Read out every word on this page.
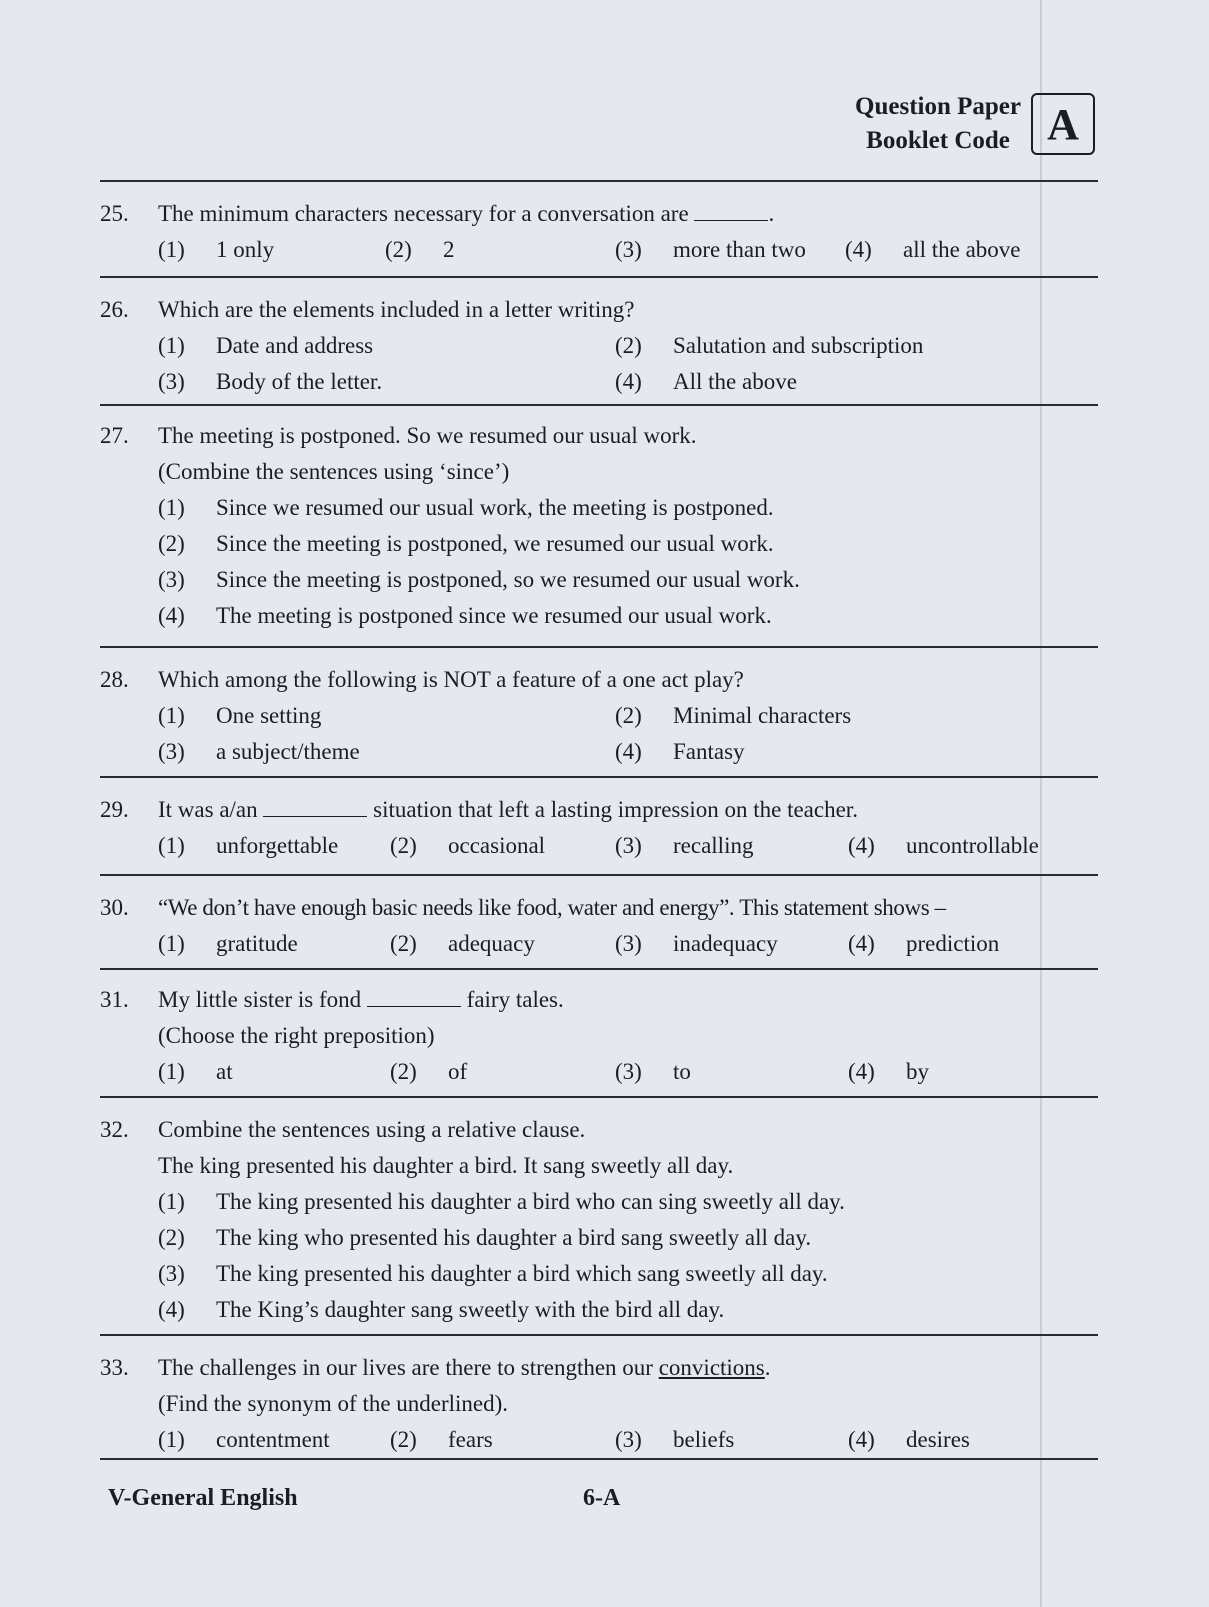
Question Paper
Booklet Code A
25. The minimum characters necessary for a conversation are	.
(1) 1 only	(2) 2	(3) more than two (4) all the above
26. Which are the elements included in a letter writing?
(1) Date and address	(2) Salutation and subscription
(3) Body of the letter.	(4) All the above
27. The meeting is postponed. So we resumed our usual work.
(Combine the sentences using ‘since’)
(1) Since we resumed our usual work, the meeting is postponed.
(2) Since the meeting is postponed, we resumed our usual work.
(3) Since the meeting is postponed, so we resumed our usual work.
(4) The meeting is postponed since we resumed our usual work.
28. Which among the following is NOT a feature of a one act play?
(1) One setting	(2) Minimal characters
(3) a subject/theme	(4) Fantasy
29. It was a/an	situation that left a lasting impression on the teacher.
(1) unforgettable (2) occasional	(3) recalling	(4) uncontrollable
30. “We don’t have enough basic needs like food, water and energy”. This statement shows –
(1) gratitude	(2) adequacy	(3) inadequacy	(4) prediction
31. My little sister is fond	fairy tales.
(Choose the right preposition)
(1) at	(2) of	(3) to	(4) by
32. Combine the sentences using a relative clause.
The king presented his daughter a bird. It sang sweetly all day.
(1) The king presented his daughter a bird who can sing sweetly all day.
(2) The king who presented his daughter a bird sang sweetly all day.
(3) The king presented his daughter a bird which sang sweetly all day.
(4) The King’s daughter sang sweetly with the bird all day.
33. The challenges in our lives are there to strengthen our convictions.
(Find the synonym of the underlined).
(1) contentment	(2) fears	(3) beliefs	(4) desires
V-General English	6-A
